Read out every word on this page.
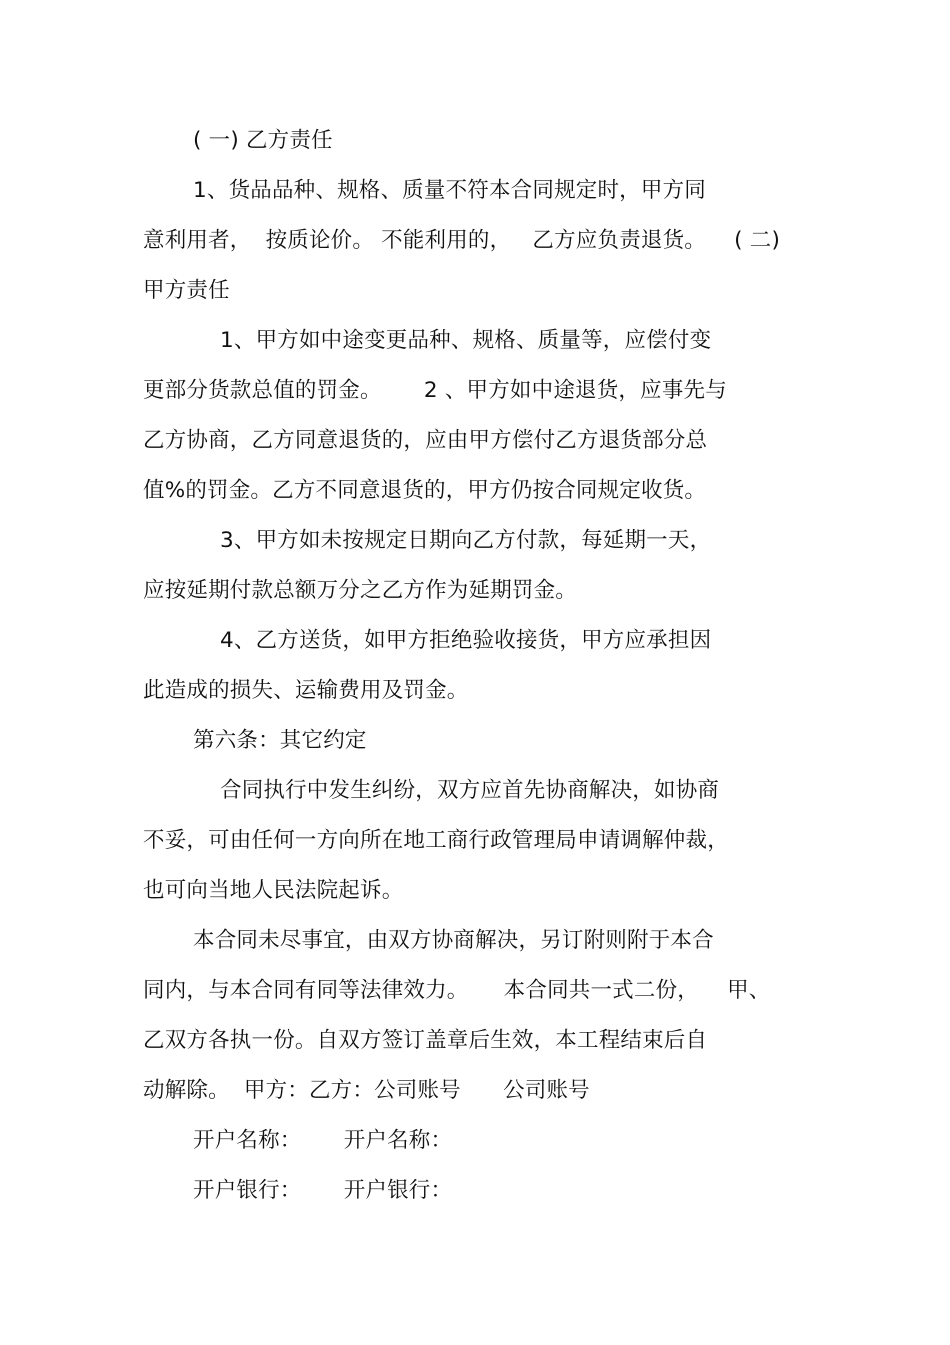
( 一) 乙方责任
1、货品品种、规格、质量不符本合同规定时，甲方同
意利用者，  按质论价。 不能利用的，   乙方应负责退货。    ( 二)
甲方责任
1、甲方如中途变更品种、规格、质量等，应偿付变
更部分货款总值的罚金。      2 、甲方如中途退货，应事先与
乙方协商，乙方同意退货的，应由甲方偿付乙方退货部分总
值%的罚金。乙方不同意退货的，甲方仍按合同规定收货。
3、甲方如未按规定日期向乙方付款，每延期一天，
应按延期付款总额万分之乙方作为延期罚金。
4、乙方送货，如甲方拒绝验收接货，甲方应承担因
此造成的损失、运输费用及罚金。
第六条：其它约定
合同执行中发生纠纷，双方应首先协商解决，如协商
不妥，可由任何一方向所在地工商行政管理局申请调解仲裁，
也可向当地人民法院起诉。
本合同未尽事宜，由双方协商解决，另订附则附于本合
同内，与本合同有同等法律效力。     本合同共一式二份，    甲、
乙双方各执一份。自双方签订盖章后生效，本工程结束后自
动解除。  甲方：乙方：公司账号      公司账号
开户名称：      开户名称：
开户银行：      开户银行：
